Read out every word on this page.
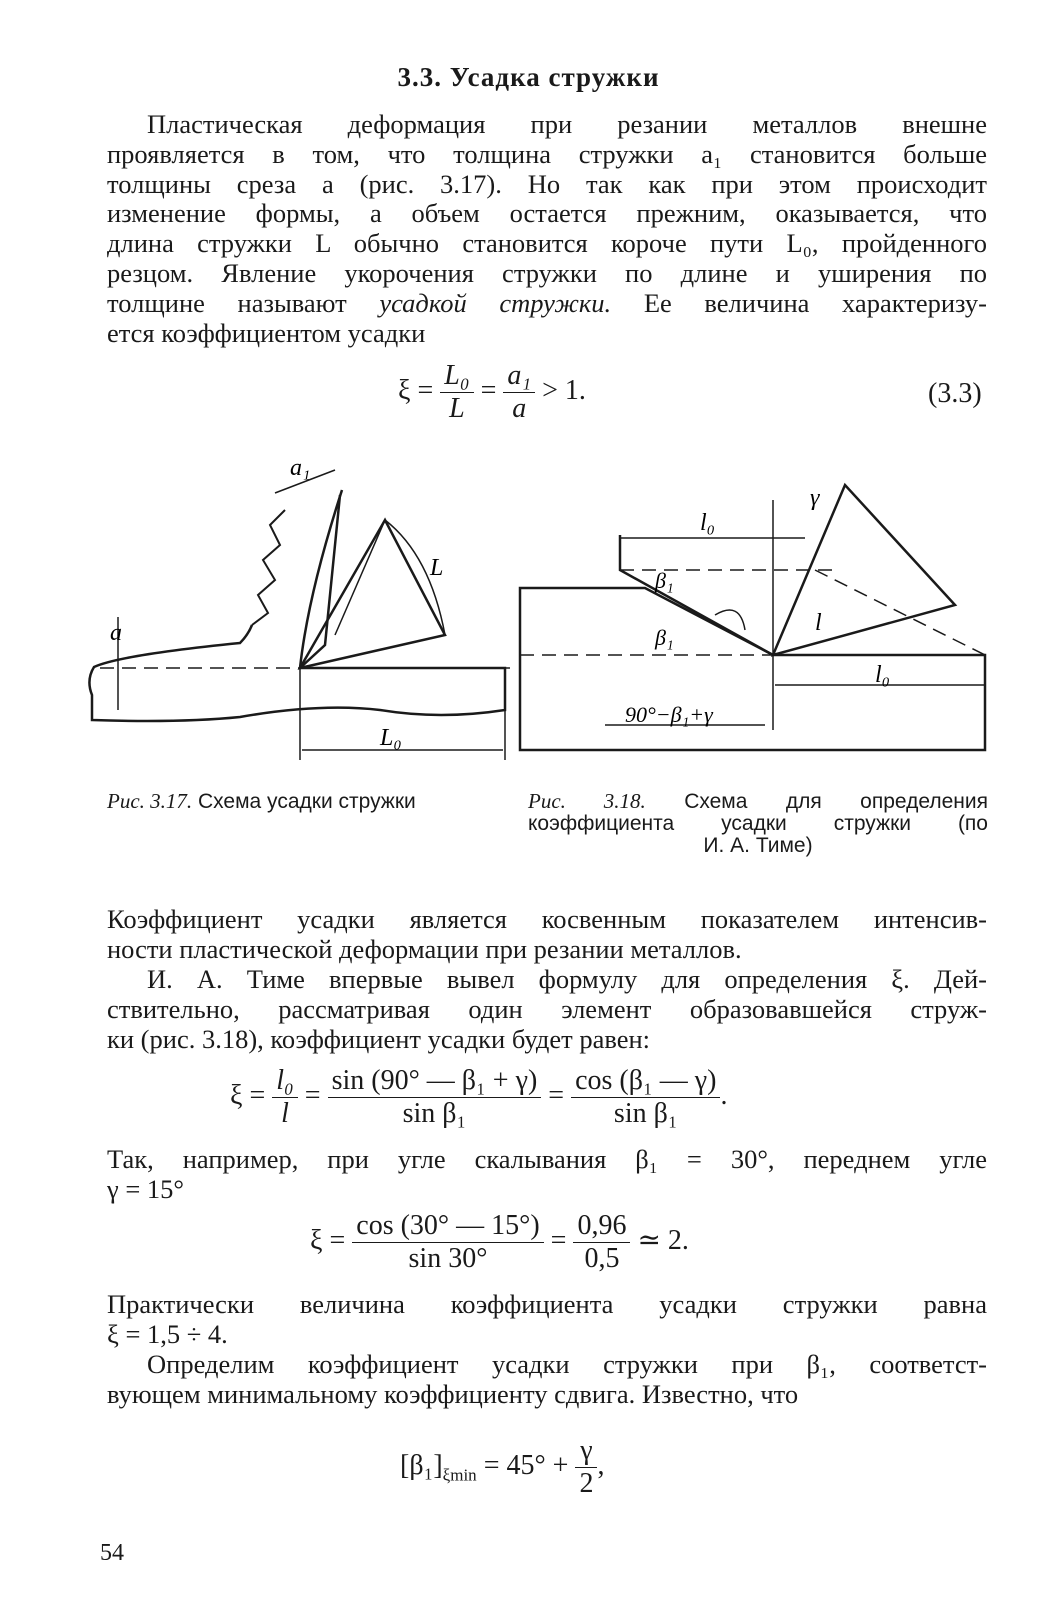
3.3. Усадка стружки
Пластическая деформация при резании металлов внешне
проявляется в том, что толщина стружки a₁ становится больше
толщины среза a (рис. 3.17). Но так как при этом происходит
изменение формы, а объем остается прежним, оказывается, что
длина стружки L обычно становится короче пути L₀, пройденного
резцом. Явление укорочения стружки по длине и уширения по
толщине называют усадкой стружки. Ее величина характеризу-
ется коэффициентом усадки
$\xi = \frac{\text{L₀}}{L} = \frac{\text{a₁}}{a} > 1$.	(3.3)
a₁
L
a
L₀
γ
l₀
β₁
β₁
l
l₀
90°−β₁+γ
Рис. 3.17. Схема усадки стружки	Рис. 3.18. Схема для определения
коэффициента усадки стружки (по
И. А. Тиме)
Коэффициент усадки является косвенным показателем интенсив-
ности пластической деформации при резании металлов.
И. А. Тиме впервые вывел формулу для определения ξ. Дей-
ствительно, рассматривая один элемент образовавшейся струж-
ки (рис. 3.18), коэффициент усадки будет равен:
$\xi = \frac{\text{l₀}}{l} = \frac{\text{sin (90° — β₁ + γ)}}{\text{sin β₁}} = \frac{\text{cos (β₁ — γ)}}{\text{sin β₁}}$ .
Так, например, при угле скалывания β₁ = 30°, переднем угле
γ = 15°
$\xi = \frac{\cos (30^\circ — 15^\circ)}{\sin 30^\circ} = \frac{0,96}{0,5}$ ≃ 2.
Практически величина коэффициента усадки стружки равна
ξ = 1,5 ÷ 4.
Определим коэффициент усадки стружки при β₁, соответст-
вующем минимальному коэффициенту сдвига. Известно, что
$[\beta_1]_{\xi min} = 45^\circ + \frac{\gamma}{2}$ ,
54
